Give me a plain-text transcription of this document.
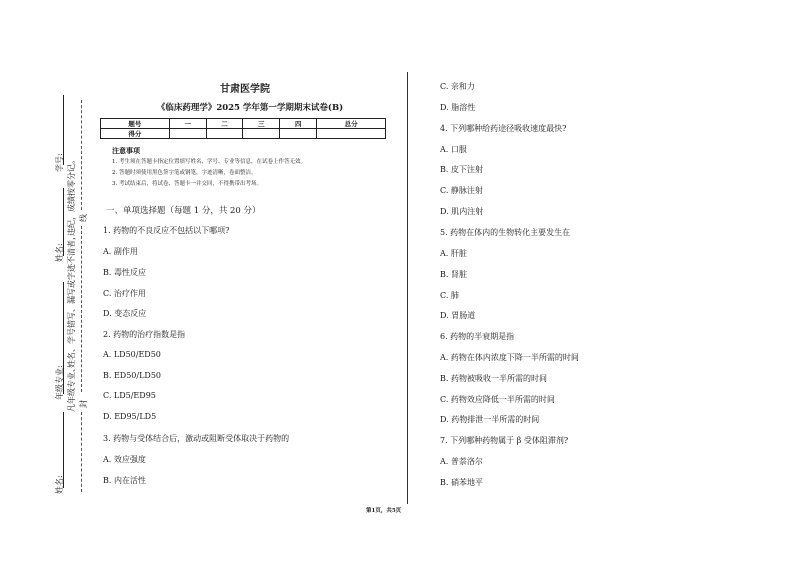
学号:
姓名:
年级专业:
姓名:
违纪，成绩按零分记。
姓名、学号错写、漏写或字迹不清者，
凡年级专业、
线
封
甘肃医学院
《临床药理学》2025 学年第一学期期末试卷(B)
题号	一	二	三	四	总分
得分					
注意事项
1. 考生须在答题卡指定位置填写姓名、学号、专业等信息，在试卷上作答无效。
2. 答题时须使用黑色签字笔或钢笔，字迹清晰，卷面整洁。
3. 考试结束后，将试卷、答题卡一并交回，不得携带出考场。
一、单项选择题（每题 1 分，共 20 分）
1. 药物的不良反应不包括以下哪项?
A. 副作用
B. 毒性反应
C. 治疗作用
D. 变态反应
2. 药物的治疗指数是指
A. LD50/ED50
B. ED50/LD50
C. LD5/ED95
D. ED95/LD5
3. 药物与受体结合后，激动或阻断受体取决于药物的
A. 效应强度
B. 内在活性
C. 亲和力
D. 脂溶性
4. 下列哪种给药途径吸收速度最快?
A. 口服
B. 皮下注射
C. 静脉注射
D. 肌内注射
5. 药物在体内的生物转化主要发生在
A. 肝脏
B. 肾脏
C. 肺
D. 胃肠道
6. 药物的半衰期是指
A. 药物在体内浓度下降一半所需的时间
B. 药物被吸收一半所需的时间
C. 药物效应降低一半所需的时间
D. 药物排泄一半所需的时间
7. 下列哪种药物属于 β 受体阻滞剂?
A. 普萘洛尔
B. 硝苯地平
第1页，共5页
